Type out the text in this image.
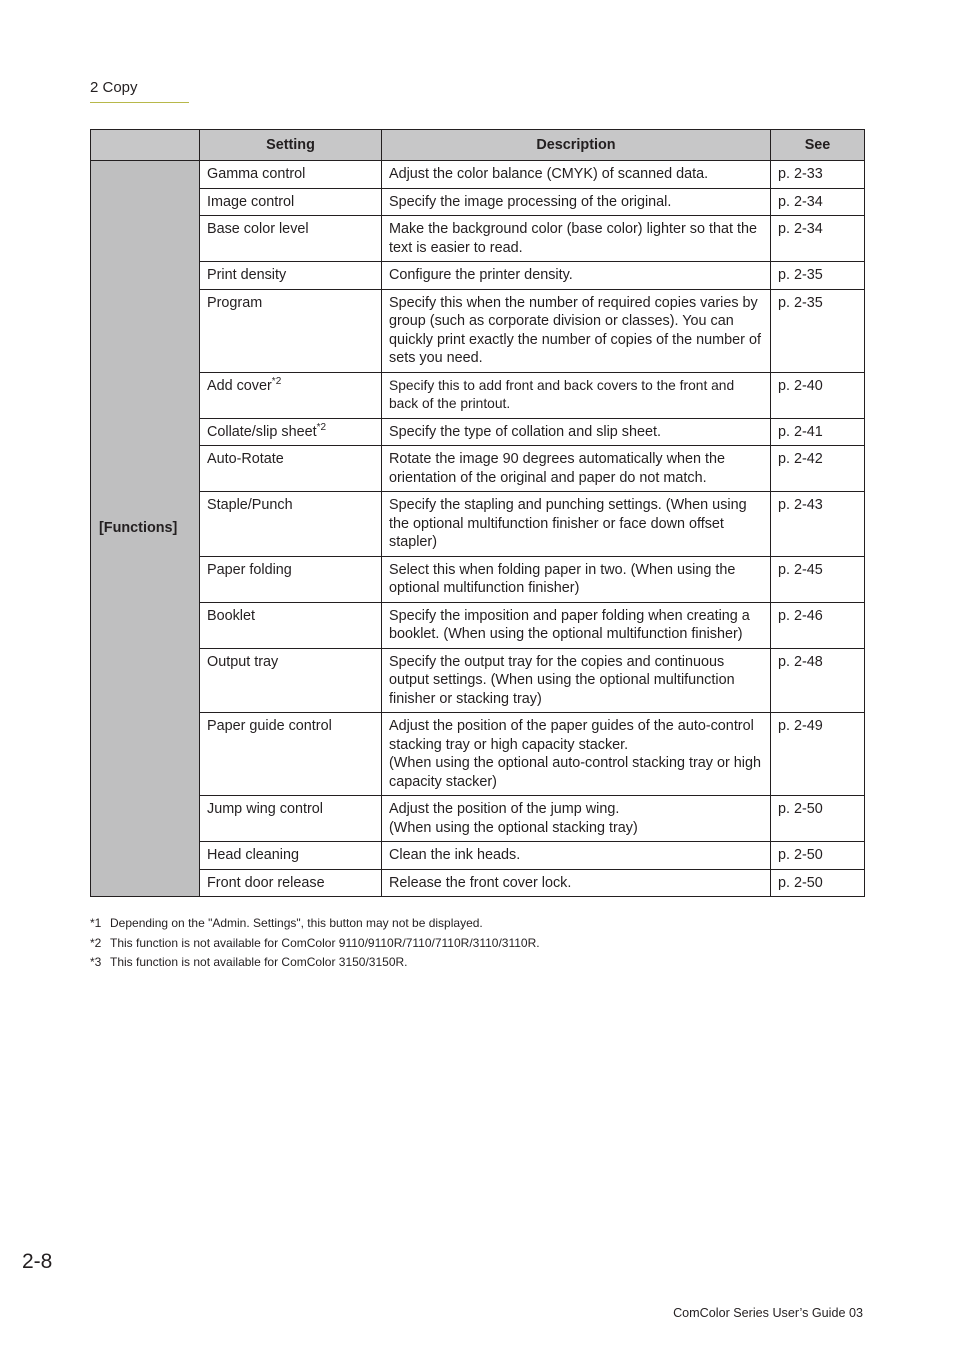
2 Copy
	Setting	Description	See
[Functions]	Gamma control	Adjust the color balance (CMYK) of scanned data.	p. 2-33
	Image control	Specify the image processing of the original.	p. 2-34
	Base color level	Make the background color (base color) lighter so that the text is easier to read.	p. 2-34
	Print density	Configure the printer density.	p. 2-35
	Program	Specify this when the number of required copies varies by group (such as corporate division or classes). You can quickly print exactly the number of copies of the number of sets you need.	p. 2-35
	Add cover$^{*2}$	Specify this to add front and back covers to the front and back of the printout.	p. 2-40
	Collate/slip sheet$^{*2}$	Specify the type of collation and slip sheet.	p. 2-41
	Auto-Rotate	Rotate the image 90 degrees automatically when the orientation of the original and paper do not match.	p. 2-42
	Staple/Punch	Specify the stapling and punching settings. (When using the optional multifunction finisher or face down offset stapler)	p. 2-43
	Paper folding	Select this when folding paper in two. (When using the optional multifunction finisher)	p. 2-45
	Booklet	Specify the imposition and paper folding when creating a booklet. (When using the optional multifunction finisher)	p. 2-46
	Output tray	Specify the output tray for the copies and continuous output settings. (When using the optional multifunction finisher or stacking tray)	p. 2-48
	Paper guide control	Adjust the position of the paper guides of the auto-control stacking tray or high capacity stacker.
(When using the optional auto-control stacking tray or high capacity stacker)	p. 2-49
	Jump wing control	Adjust the position of the jump wing.
(When using the optional stacking tray)	p. 2-50
	Head cleaning	Clean the ink heads.	p. 2-50
	Front door release	Release the front cover lock.	p. 2-50
*1 Depending on the "Admin. Settings", this button may not be displayed.
*2 This function is not available for ComColor 9110/9110R/7110/7110R/3110/3110R.
*3 This function is not available for ComColor 3150/3150R.
2-8
ComColor Series User’s Guide 03
